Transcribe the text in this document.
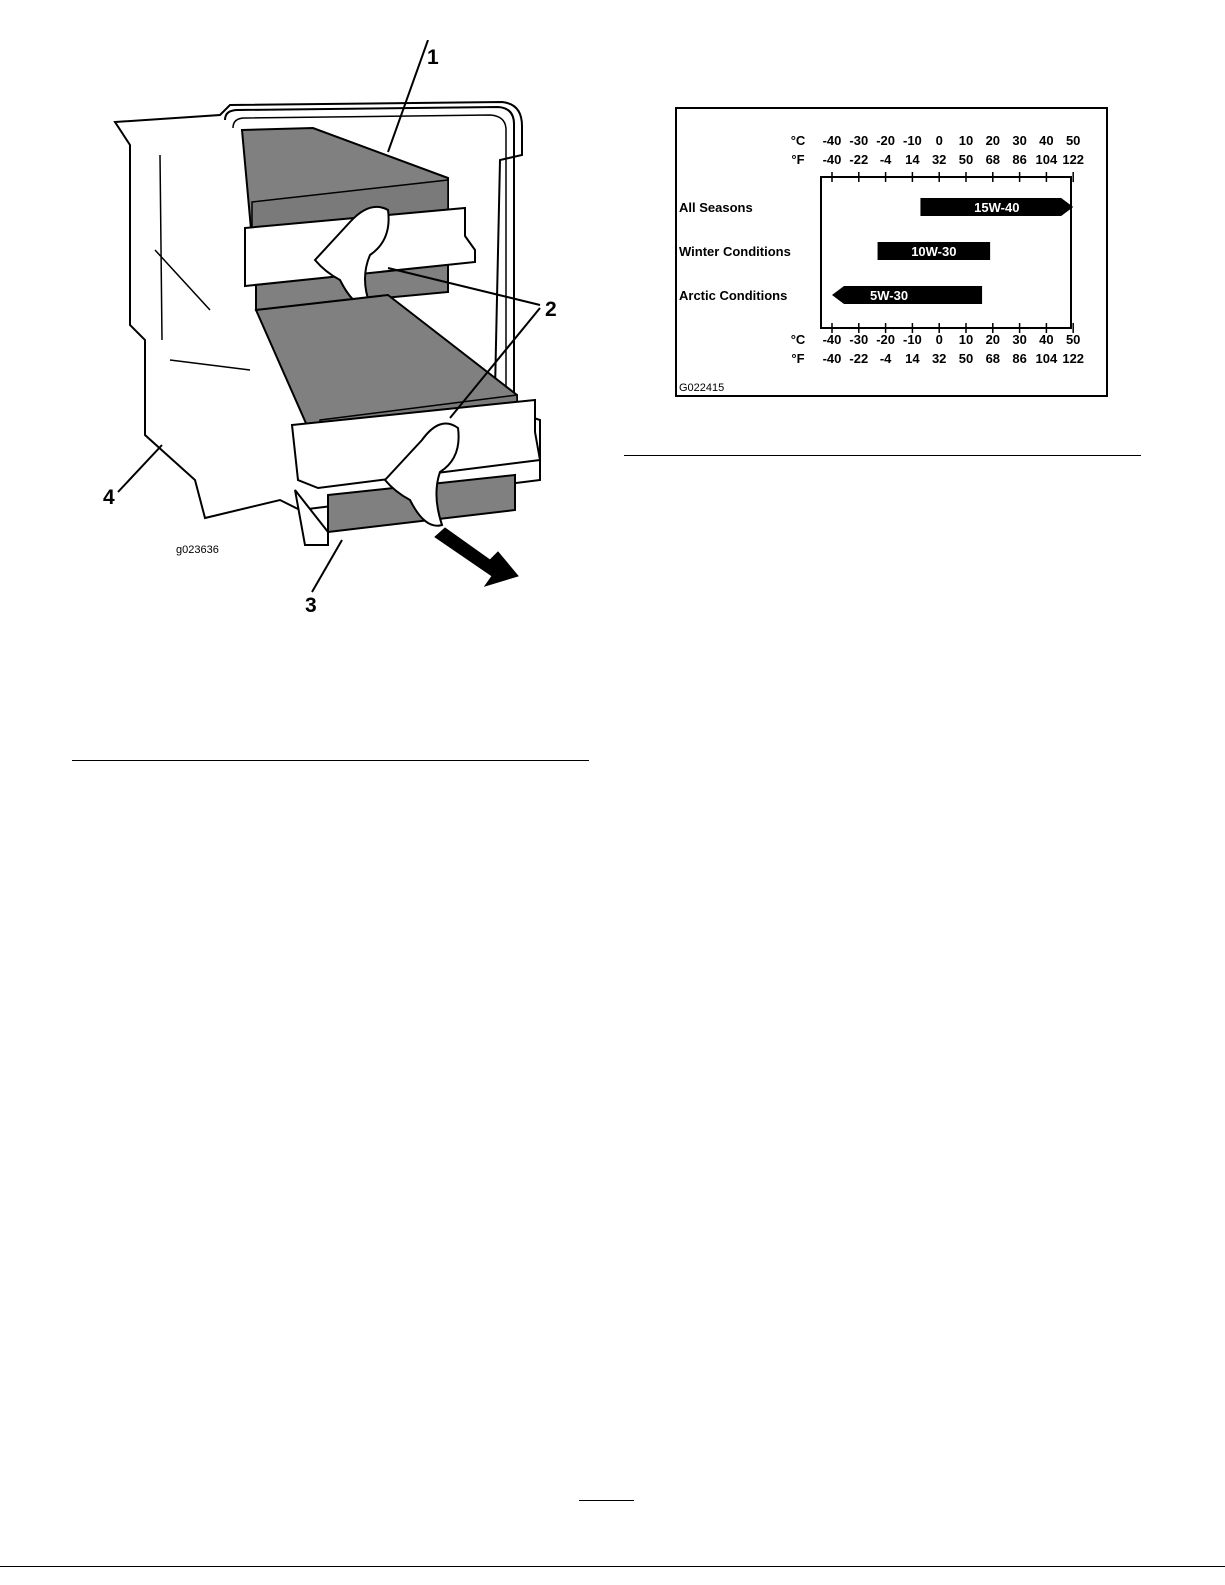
1
2
3
4
g023636
-40
-40
-30
-30
-20
-20
-10
-10
0
0
10
10
20
20
30
30
40
40
50
50
-40
-40
-22
-22
-4
-4
14
14
32
32
50
50
68
68
86
86
104
104
122
122
°C
°F
°C
°F
All Seasons	15W-40
Winter Conditions	10W-30
Arctic Conditions	5W-30
G022415
